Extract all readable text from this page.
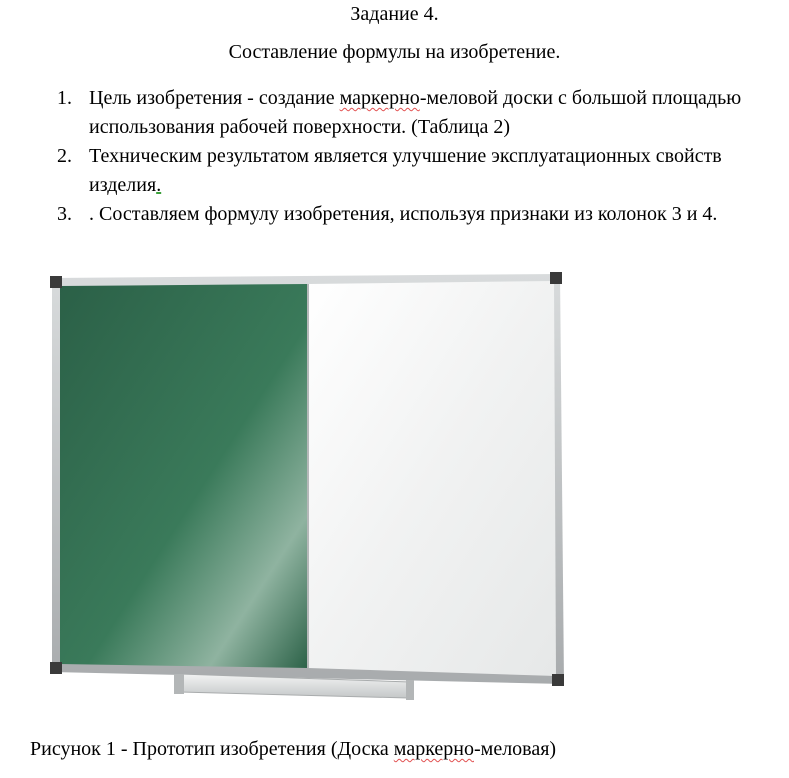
Задание 4.
Составление формулы на изобретение.
1. Цель изобретения - создание маркерно-меловой доски с большой площадью использования рабочей поверхности. (Таблица 2)
2. Техническим результатом является улучшение эксплуатационных свойств изделия.
3. . Составляем формулу изобретения, используя признаки из колонок 3 и 4.
Рисунок 1 - Прототип изобретения (Доска маркерно-меловая)
